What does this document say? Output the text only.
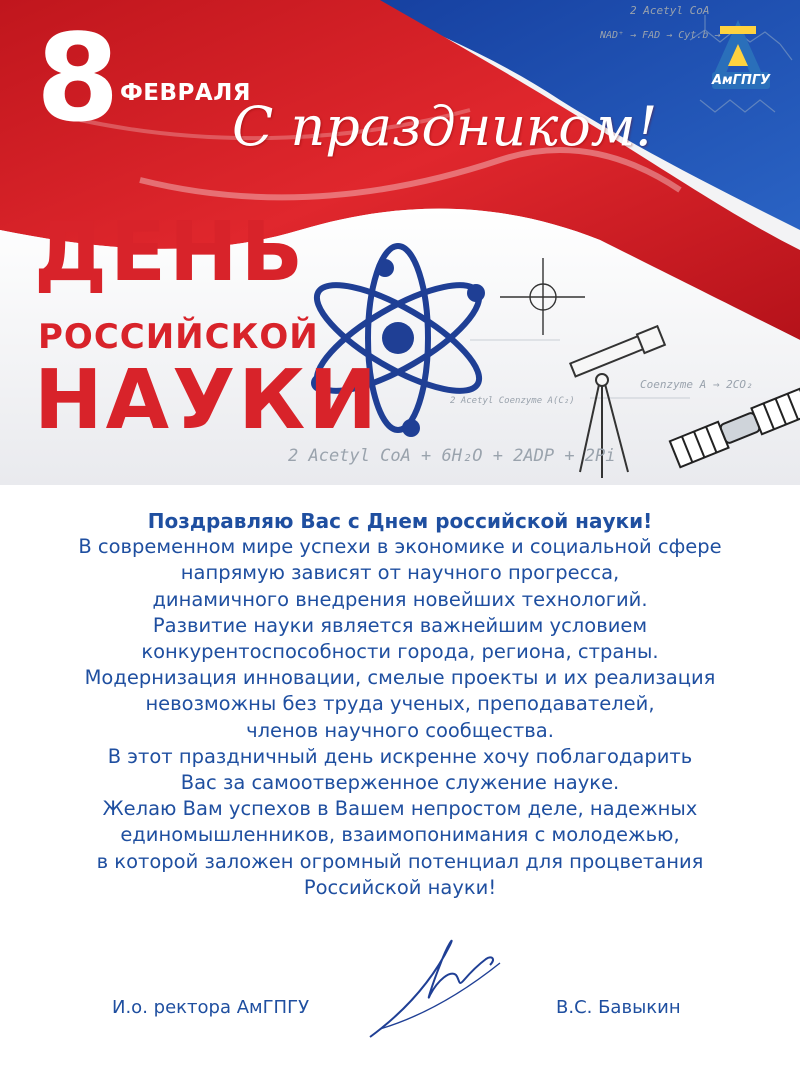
АмГПГУ
8 ФЕВРАЛЯ
С праздником!
ДЕНЬ
РОССИЙСКОЙ
НАУКИ
2 Acetyl CoA + 6H₂O + 2ADP + 2Pi
2 Acetyl CoA
NAD⁺ → FAD → Cyt.b →
Coenzyme A → 2CO₂
2 Acetyl Coenzyme A(C₂)
Поздравляю Вас с Днем российской науки!
В современном мире успехи в экономике и социальной сфере
напрямую зависят от научного прогресса,
динамичного внедрения новейших технологий.
Развитие науки является важнейшим условием
конкурентоспособности города, региона, страны.
Модернизация инновации, смелые проекты и их реализация
невозможны без труда ученых, преподавателей,
членов научного сообщества.
В этот праздничный день искренне хочу поблагодарить
Вас за самоотверженное служение науке.
Желаю Вам успехов в Вашем непростом деле, надежных
единомышленников, взаимопонимания с молодежью,
в которой заложен огромный потенциал для процветания
Российской науки!
И.о. ректора АмГПГУ	В.С. Бавыкин
